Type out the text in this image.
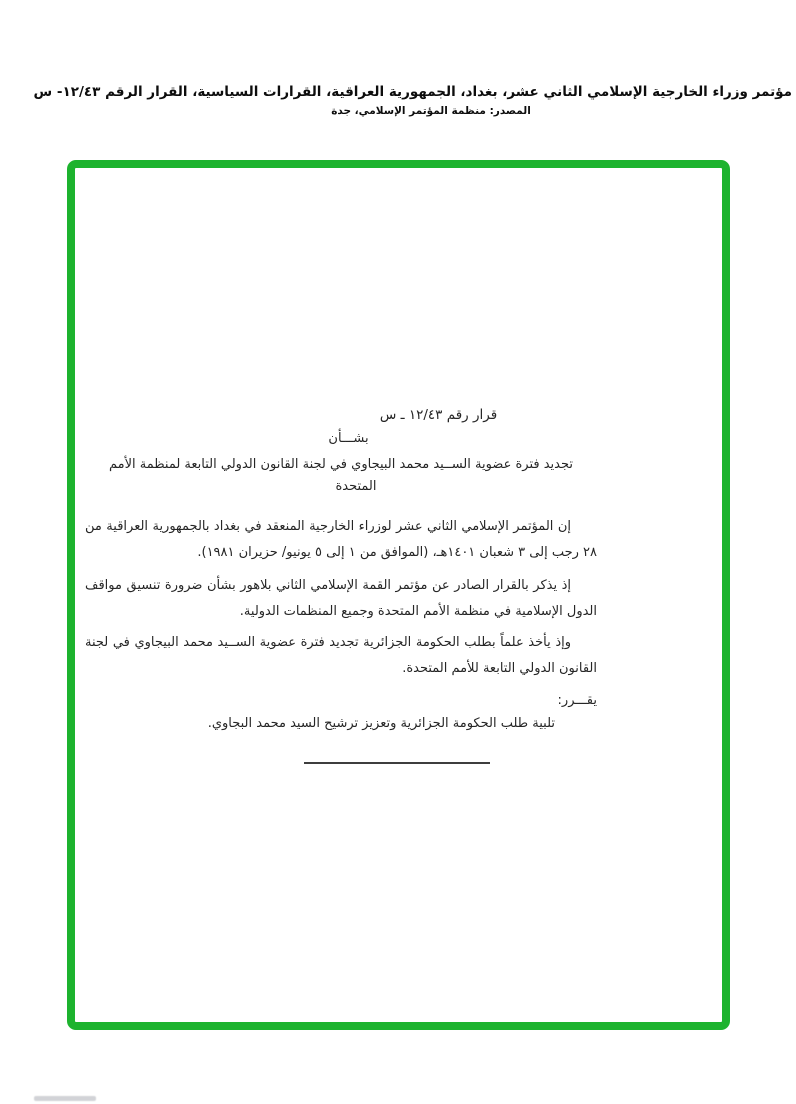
مؤتمر وزراء الخارجية الإسلامي الثاني عشر، بغداد، الجمهورية العراقية، القرارات السياسية، القرار الرقم ١٢/٤٣- س
المصدر: منظمة المؤتمر الإسلامي، جدة
قرار رقم ١٢/٤٣ ـ س
بشـــأن
تجديد فترة عضوية الســيد محمد البيجاوي في لجنة القانون الدولي التابعة لمنظمة الأمم
المتحدة
إن المؤتمر الإسلامي الثاني عشر لوزراء الخارجية المنعقد في بغداد بالجمهورية العراقية من ٢٨ رجب إلى ٣ شعبان ١٤٠١هـ، (الموافق من ١ إلى ٥ يونيو/ حزيران ١٩٨١).
إذ يذكر بالقرار الصادر عن مؤتمر القمة الإسلامي الثاني بلاهور بشأن ضرورة تنسيق مواقف الدول الإسلامية في منظمة الأمم المتحدة وجميع المنظمات الدولية.
وإذ يأخذ علماً بطلب الحكومة الجزائرية تجديد فترة عضوية الســيد محمد البيجاوي في لجنة القانون الدولي التابعة للأمم المتحدة.
يقـــرر:
تلبية طلب الحكومة الجزائرية وتعزيز ترشيح السيد محمد البجاوي.
